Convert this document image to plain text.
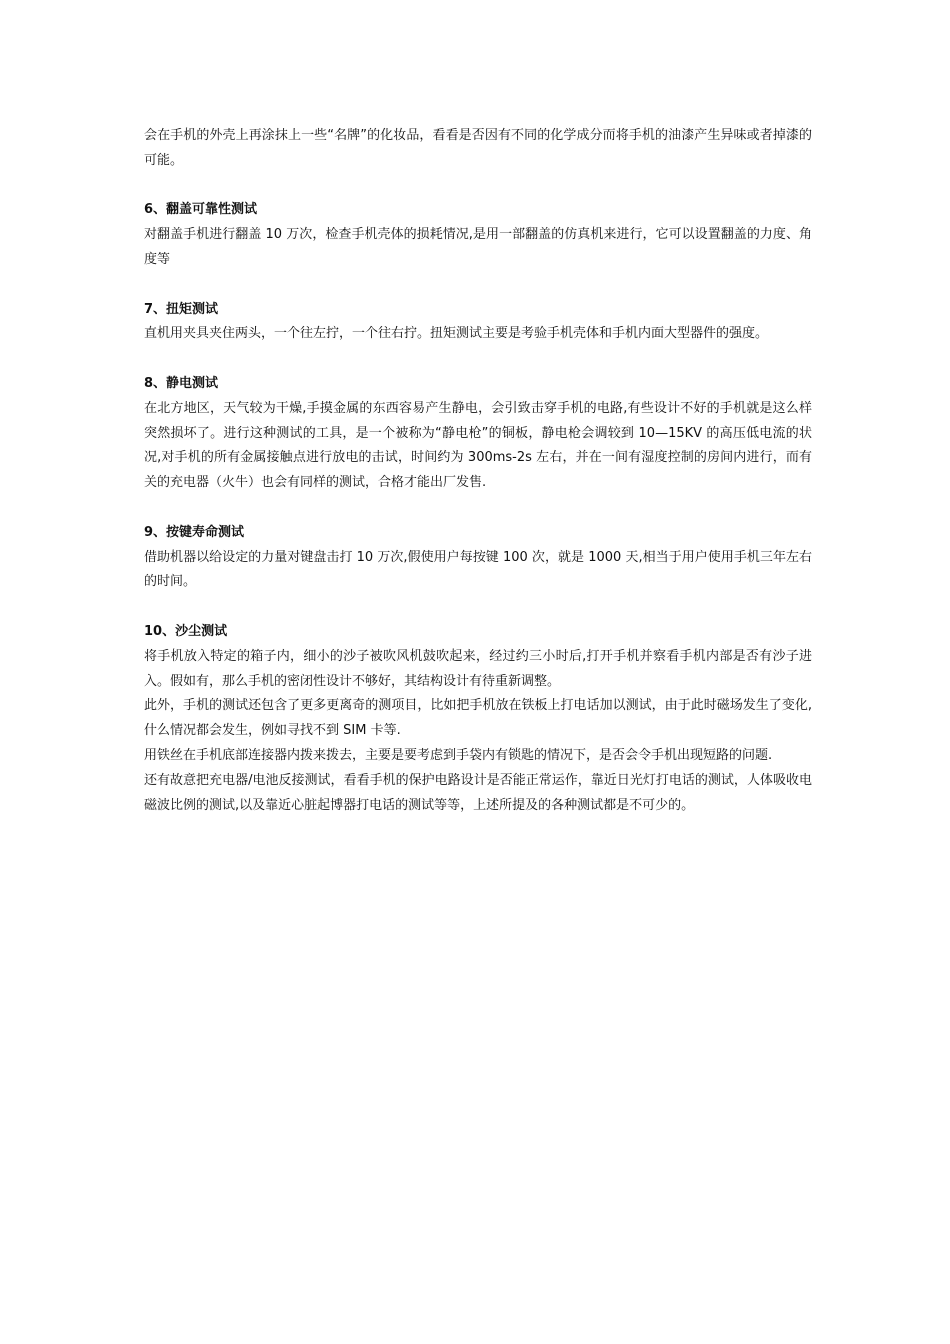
会在手机的外壳上再涂抹上一些“名牌”的化妆品，看看是否因有不同的化学成分而将手机的油漆产生异味或者掉漆的可能。

6、翻盖可靠性测试

对翻盖手机进行翻盖 10 万次，检查手机壳体的损耗情况,是用一部翻盖的仿真机来进行，它可以设置翻盖的力度、角度等

7、扭矩测试

直机用夹具夹住两头，一个往左拧，一个往右拧。扭矩测试主要是考验手机壳体和手机内面大型器件的强度。

8、静电测试

在北方地区，天气较为干燥,手摸金属的东西容易产生静电，会引致击穿手机的电路,有些设计不好的手机就是这么样突然损坏了。进行这种测试的工具，是一个被称为“静电枪”的铜板，静电枪会调较到 10—15KV 的高压低电流的状况,对手机的所有金属接触点进行放电的击试，时间约为 300ms-2s 左右，并在一间有湿度控制的房间内进行，而有关的充电器（火牛）也会有同样的测试，合格才能出厂发售.

9、按键寿命测试

借助机器以给设定的力量对键盘击打 10 万次,假使用户每按键 100 次，就是 1000 天,相当于用户使用手机三年左右的时间。

10、沙尘测试

将手机放入特定的箱子内，细小的沙子被吹风机鼓吹起来，经过约三小时后,打开手机并察看手机内部是否有沙子进入。假如有，那么手机的密闭性设计不够好，其结构设计有待重新调整。

此外，手机的测试还包含了更多更离奇的测项目，比如把手机放在铁板上打电话加以测试，由于此时磁场发生了变化,什么情况都会发生，例如寻找不到 SIM 卡等.

用铁丝在手机底部连接器内拨来拨去，主要是要考虑到手袋内有锁匙的情况下，是否会令手机出现短路的问题.

还有故意把充电器/电池反接测试，看看手机的保护电路设计是否能正常运作，靠近日光灯打电话的测试，人体吸收电磁波比例的测试,以及靠近心脏起博器打电话的测试等等，上述所提及的各种测试都是不可少的。
